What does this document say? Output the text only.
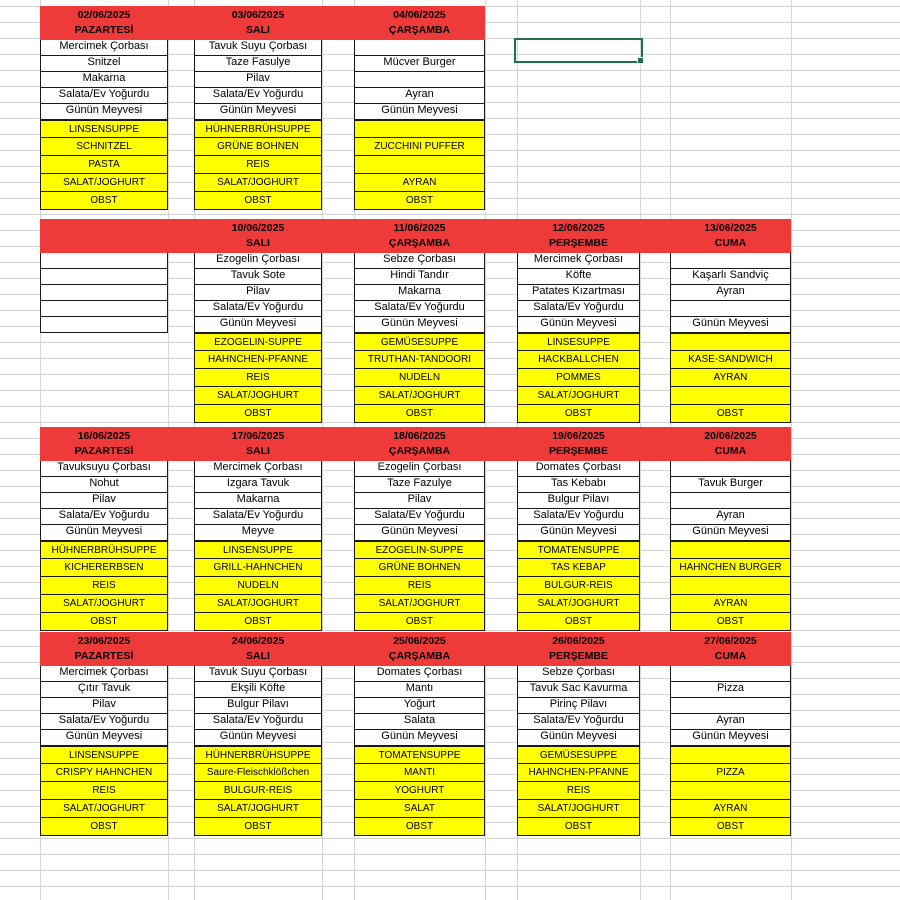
02/06/2025
PAZARTESİ
Mercimek Çorbası
Snitzel
Makarna
Salata/Ev Yoğurdu
Günün Meyvesi
LINSENSUPPE
SCHNITZEL
PASTA
SALAT/JOGHURT
OBST
03/06/2025
SALI
Tavuk Suyu Çorbası
Taze Fasulye
Pilav
Salata/Ev Yoğurdu
Günün Meyvesi
HÜHNERBRÜHSUPPE
GRÜNE BOHNEN
REIS
SALAT/JOGHURT
OBST
04/06/2025
ÇARŞAMBA
Mücver Burger
Ayran
Günün Meyvesi
ZUCCHINI PUFFER
AYRAN
OBST
10/06/2025
SALI
Ezogelin Çorbası
Tavuk Sote
Pilav
Salata/Ev Yoğurdu
Günün Meyvesi
EZOGELIN-SUPPE
HAHNCHEN-PFANNE
REIS
SALAT/JOGHURT
OBST
11/06/2025
ÇARŞAMBA
Sebze Çorbası
Hindi Tandır
Makarna
Salata/Ev Yoğurdu
Günün Meyvesi
GEMÜSESUPPE
TRUTHAN-TANDOORI
NUDELN
SALAT/JOGHURT
OBST
12/06/2025
PERŞEMBE
Mercimek Çorbası
Köfte
Patates Kızartması
Salata/Ev Yoğurdu
Günün Meyvesi
LINSESUPPE
HACKBALLCHEN
POMMES
SALAT/JOGHURT
OBST
13/06/2025
CUMA
Kaşarlı Sandviç
Ayran
Günün Meyvesi
KASE-SANDWICH
AYRAN
OBST
16/06/2025
PAZARTESİ
Tavuksuyu Çorbası
Nohut
Pilav
Salata/Ev Yoğurdu
Günün Meyvesi
HÜHNERBRÜHSUPPE
KICHERERBSEN
REIS
SALAT/JOGHURT
OBST
17/06/2025
SALI
Mercimek Çorbası
Izgara Tavuk
Makarna
Salata/Ev Yoğurdu
Meyve
LINSENSUPPE
GRILL-HAHNCHEN
NUDELN
SALAT/JOGHURT
OBST
18/06/2025
ÇARŞAMBA
Ezogelin Çorbası
Taze Fazulye
Pilav
Salata/Ev Yoğurdu
Günün Meyvesi
EZOGELIN-SUPPE
GRÜNE BOHNEN
REIS
SALAT/JOGHURT
OBST
19/06/2025
PERŞEMBE
Domates Çorbası
Tas Kebabı
Bulgur Pilavı
Salata/Ev Yoğurdu
Günün Meyvesi
TOMATENSUPPE
TAS KEBAP
BULGUR-REIS
SALAT/JOGHURT
OBST
20/06/2025
CUMA
Tavuk Burger
Ayran
Günün Meyvesi
HAHNCHEN BURGER
AYRAN
OBST
23/06/2025
PAZARTESİ
Mercimek Çorbası
Çıtır Tavuk
Pilav
Salata/Ev Yoğurdu
Günün Meyvesi
LINSENSUPPE
CRISPY HAHNCHEN
REIS
SALAT/JOGHURT
OBST
24/06/2025
SALI
Tavuk Suyu Çorbası
Ekşili Köfte
Bulgur Pilavı
Salata/Ev Yoğurdu
Günün Meyvesi
HÜHNERBRÜHSUPPE
Saure-Fleischklößchen
BULGUR-REIS
SALAT/JOGHURT
OBST
25/06/2025
ÇARŞAMBA
Domates Çorbası
Mantı
Yoğurt
Salata
Günün Meyvesi
TOMATENSUPPE
MANTI
YOGHURT
SALAT
OBST
26/06/2025
PERŞEMBE
Sebze Çorbası
Tavuk Sac Kavurma
Pirinç Pilavı
Salata/Ev Yoğurdu
Günün Meyvesi
GEMÜSESUPPE
HAHNCHEN-PFANNE
REIS
SALAT/JOGHURT
OBST
27/06/2025
CUMA
Pizza
Ayran
Günün Meyvesi
PIZZA
AYRAN
OBST
